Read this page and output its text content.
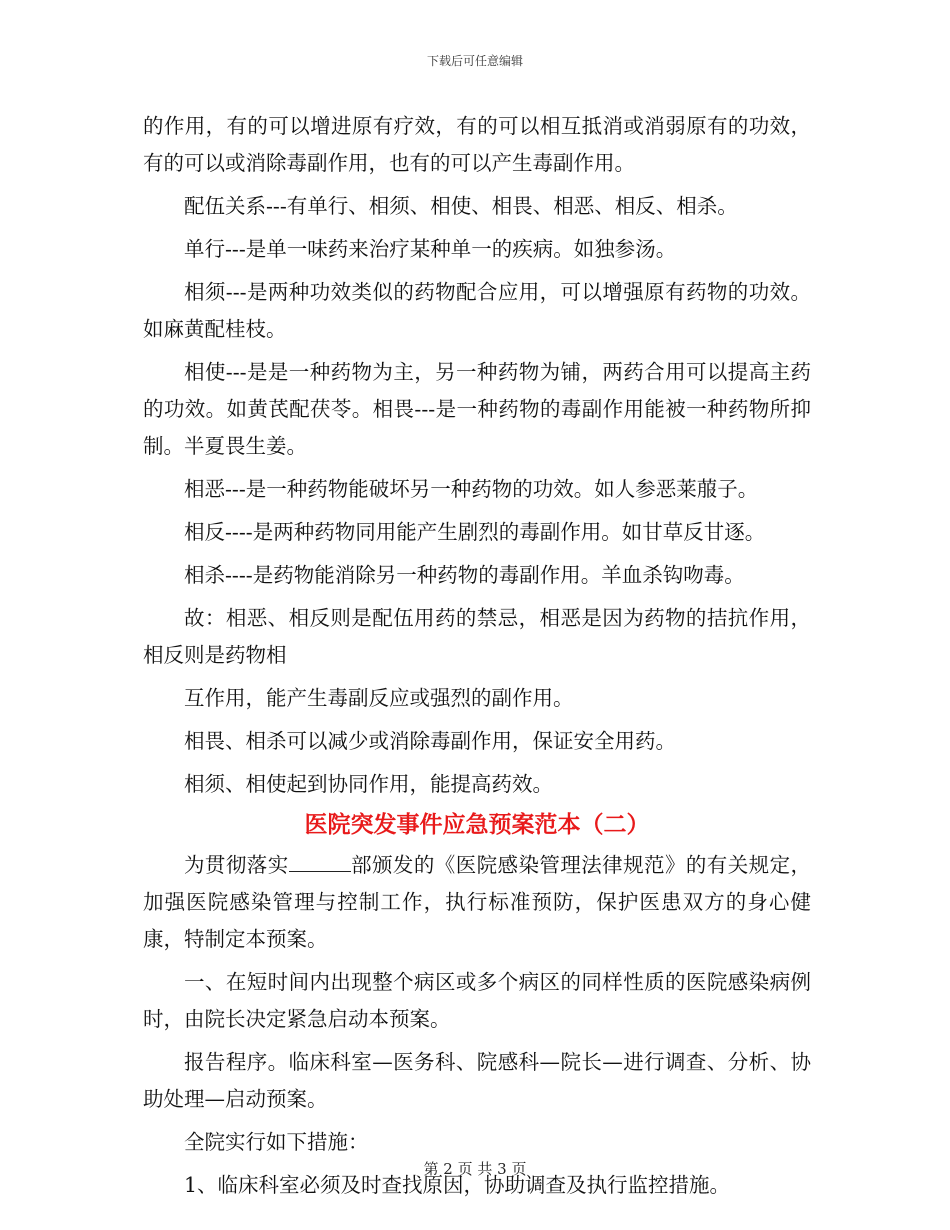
下载后可任意编辑

的作用，有的可以增进原有疗效，有的可以相互抵消或消弱原有的功效，有的可以或消除毒副作用，也有的可以产生毒副作用。

配伍关系---有单行、相须、相使、相畏、相恶、相反、相杀。

单行---是单一味药来治疗某种单一的疾病。如独参汤。

相须---是两种功效类似的药物配合应用，可以增强原有药物的功效。如麻黄配桂枝。

相使---是是一种药物为主，另一种药物为铺，两药合用可以提高主药的功效。如黄芪配茯苓。相畏---是一种药物的毒副作用能被一种药物所抑制。半夏畏生姜。

相恶---是一种药物能破坏另一种药物的功效。如人参恶莱菔子。

相反----是两种药物同用能产生剧烈的毒副作用。如甘草反甘逐。

相杀----是药物能消除另一种药物的毒副作用。羊血杀钩吻毒。

故：相恶、相反则是配伍用药的禁忌，相恶是因为药物的拮抗作用，相反则是药物相

互作用，能产生毒副反应或强烈的副作用。

相畏、相杀可以减少或消除毒副作用，保证安全用药。

相须、相使起到协同作用，能提高药效。

医院突发事件应急预案范本（二）

为贯彻落实	部颁发的《医院感染管理法律规范》的有关规定，加强医院感染管理与控制工作，执行标准预防，保护医患双方的身心健康，特制定本预案。

一、在短时间内出现整个病区或多个病区的同样性质的医院感染病例时，由院长决定紧急启动本预案。

报告程序。临床科室—医务科、院感科—院长—进行调查、分析、协助处理—启动预案。

全院实行如下措施：

1、临床科室必须及时查找原因，协助调查及执行监控措施。

第 2 页 共 3 页
